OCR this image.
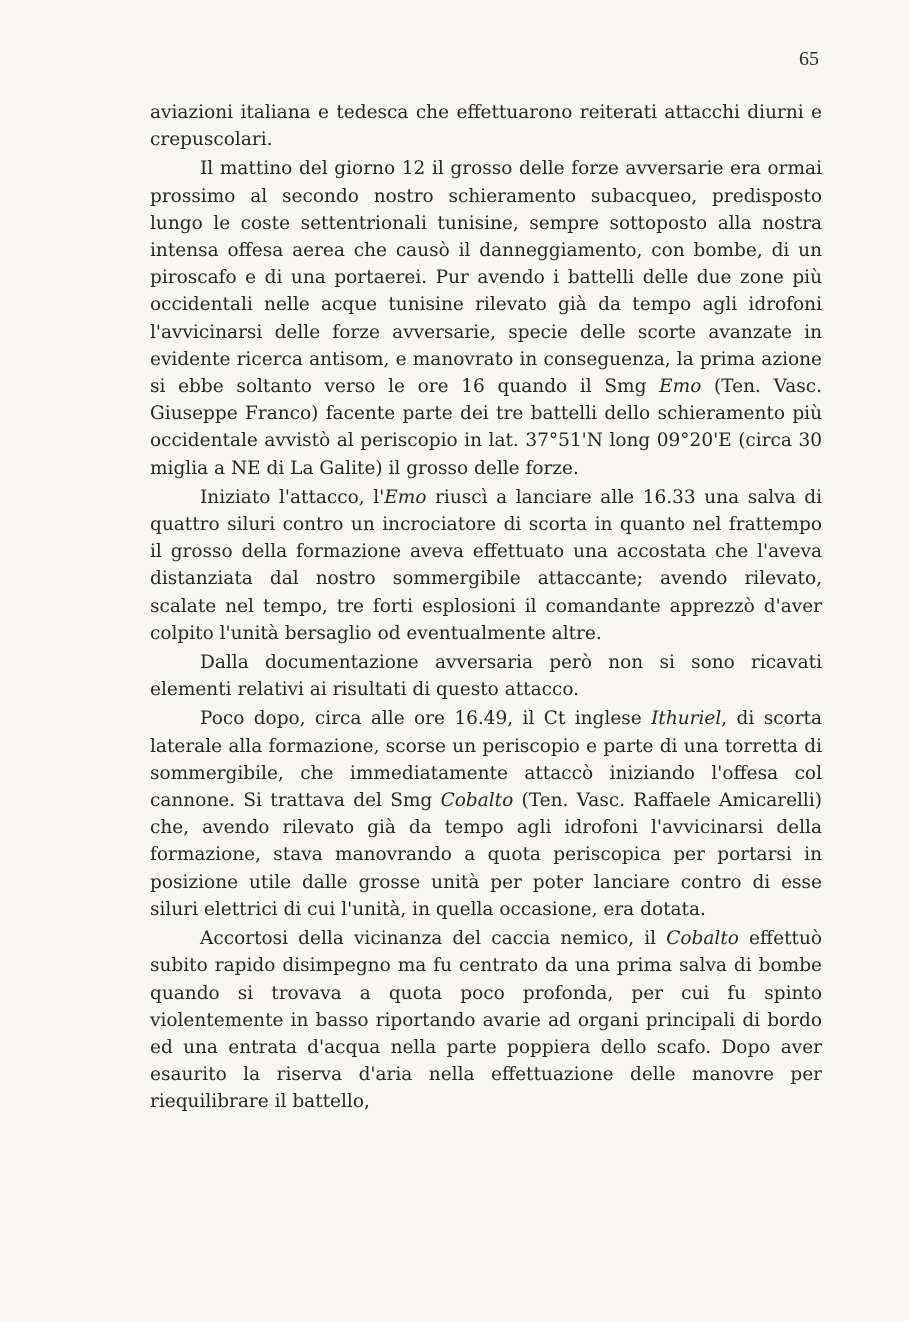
65

aviazioni italiana e tedesca che effettuarono reiterati attacchi diurni e crepuscolari.

Il mattino del giorno 12 il grosso delle forze avversarie era ormai prossimo al secondo nostro schieramento subacqueo, predisposto lungo le coste settentrionali tunisine, sempre sottoposto alla nostra intensa offesa aerea che causò il danneggiamento, con bombe, di un piroscafo e di una portaerei. Pur avendo i battelli delle due zone più occidentali nelle acque tunisine rilevato già da tempo agli idrofoni l'avvicinarsi delle forze avversarie, specie delle scorte avanzate in evidente ricerca antisom, e manovrato in conseguenza, la prima azione si ebbe soltanto verso le ore 16 quando il Smg Emo (Ten. Vasc. Giuseppe Franco) facente parte dei tre battelli dello schieramento più occidentale avvistò al periscopio in lat. 37°51'N long 09°20'E (circa 30 miglia a NE di La Galite) il grosso delle forze.

Iniziato l'attacco, l'Emo riuscì a lanciare alle 16.33 una salva di quattro siluri contro un incrociatore di scorta in quanto nel frattempo il grosso della formazione aveva effettuato una accostata che l'aveva distanziata dal nostro sommergibile attaccante; avendo rilevato, scalate nel tempo, tre forti esplosioni il comandante apprezzò d'aver colpito l'unità bersaglio od eventualmente altre.

Dalla documentazione avversaria però non si sono ricavati elementi relativi ai risultati di questo attacco.

Poco dopo, circa alle ore 16.49, il Ct inglese Ithuriel, di scorta laterale alla formazione, scorse un periscopio e parte di una torretta di sommergibile, che immediatamente attaccò iniziando l'offesa col cannone. Si trattava del Smg Cobalto (Ten. Vasc. Raffaele Amicarelli) che, avendo rilevato già da tempo agli idrofoni l'avvicinarsi della formazione, stava manovrando a quota periscopica per portarsi in posizione utile dalle grosse unità per poter lanciare contro di esse siluri elettrici di cui l'unità, in quella occasione, era dotata.

Accortosi della vicinanza del caccia nemico, il Cobalto effettuò subito rapido disimpegno ma fu centrato da una prima salva di bombe quando si trovava a quota poco profonda, per cui fu spinto violentemente in basso riportando avarie ad organi principali di bordo ed una entrata d'acqua nella parte poppiera dello scafo. Dopo aver esaurito la riserva d'aria nella effettuazione delle manovre per riequilibrare il battello,
